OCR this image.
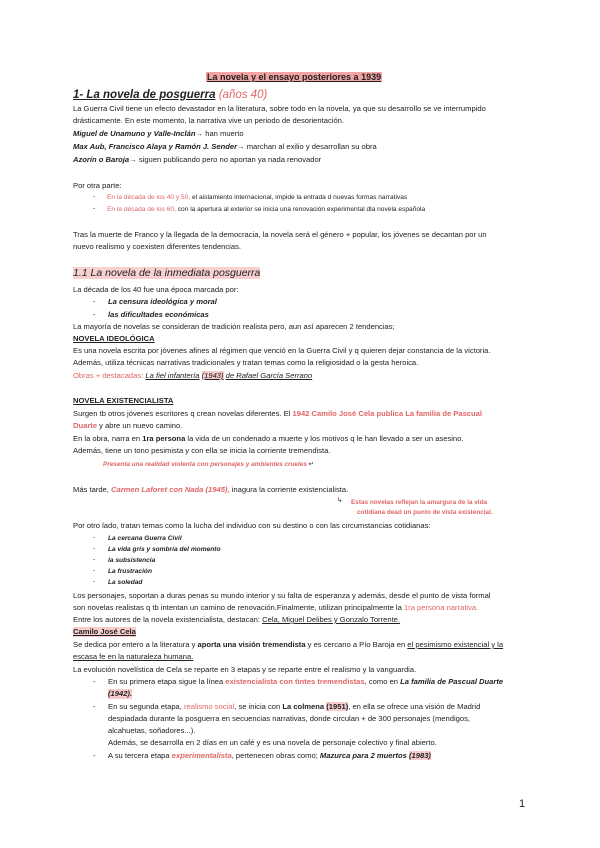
La novela y el ensayo posteriores a 1939
1- La novela de posguerra (años 40)
La Guerra Civil tiene un efecto devastador en la literatura, sobre todo en la novela, ya que su desarrollo se ve interrumpido
drásticamente. En este momento, la narrativa vive un periodo de desorientación.
Miguel de Unamuno y Valle-Inclán→ han muerto
Max Aub, Francisco Alaya y Ramón J. Sender→ marchan al exilio y desarrollan su obra
Azorín o Baroja→ siguen publicando pero no aportan ya nada renovador
Por otra parte:
- En la década de los 40 y 50, el aislamiento internacional, impide la entrada d nuevas formas narrativas
- En la década de los 60, con la apertura al exterior se inicia una renovación experimental dla novela española
Tras la muerte de Franco y la llegada de la democracia, la novela será el género + popular, los jóvenes se decantan por un
nuevo realismo y coexisten diferentes tendencias.
1.1 La novela de la inmediata posguerra
La década de los 40 fue una época marcada por:
- La censura ideológica y moral
- las dificultades económicas
La mayoría de novelas se consideran de tradición realista pero, aun así aparecen 2 tendencias;
NOVELA IDEOLÓGICA
Es una novela escrita por jóvenes afines al régimen que venció en la Guerra Civil y q quieren dejar constancia de la victoria.
Además, utiliza técnicas narrativas tradicionales y tratan temas como la religiosidad o la gesta heroica.
Obras + destacadas: La fiel infantería (1943) de Rafael García Serrano
NOVELA EXISTENCIALISTA
Surgen tb otros jóvenes escritores q crean novelas diferentes. El 1942 Camilo José Cela publica La familia de Pascual
Duarte y abre un nuevo camino.
En la obra, narra en 1ra persona la vida de un condenado a muerte y los motivos q le han llevado a ser un asesino.
Además, tiene un tono pesimista y con ella se inicia la corriente tremendista.
Presenta una realidad violenta con personajes y ambientes crueles ↵
Más tarde, Carmen Laforet con Nada (1945), inagura la corriente existencialista.
↳ Estas novelas reflejan la amargura de la vida
cotidiana dead un punto de vista existencial.
Por otro lado, tratan temas como la lucha del individuo con su destino o con las circumstancias cotidianas:
- La cercana Guerra Civil
- La vida gris y sombría del momento
- la subsistencia
- La frustración
- La soledad
Los personajes, soportan a duras penas su mundo interior y su falta de esperanza y además, desde el punto de vista formal
son novelas realistas q tb intentan un camino de renovación.Finalmente, utilizan principalmente la 1ra persona narrativa.
Entre los autores de la novela existencialista, destacan: Cela, Miguel Delibes y Gonzalo Torrente.
Camilo José Cela
Se dedica por entero a la literatura y aporta una visión tremendista y es cercano a Pío Baroja en el pesimismo existencial y la
escasa fe en la naturaleza humana.
La evolución novelística de Cela se reparte en 3 etapas y se reparte entre el realismo y la vanguardia.
- En su primera etapa sigue la línea existencialista con tintes tremendistas, como en La familia de Pascual Duarte
(1942).
- En su segunda etapa, realismo social, se inicia con La colmena (1951), en ella se ofrece una visión de Madrid
despiadada durante la posguerra en secuencias narrativas, donde circulan + de 300 personajes (mendigos,
alcahuetas, soñadores...).
Además, se desarrolla en 2 días en un café y es una novela de personaje colectivo y final abierto.
- A su tercera etapa experimentalista, pertenecen obras como; Mazurca para 2 muertos (1983)
1
